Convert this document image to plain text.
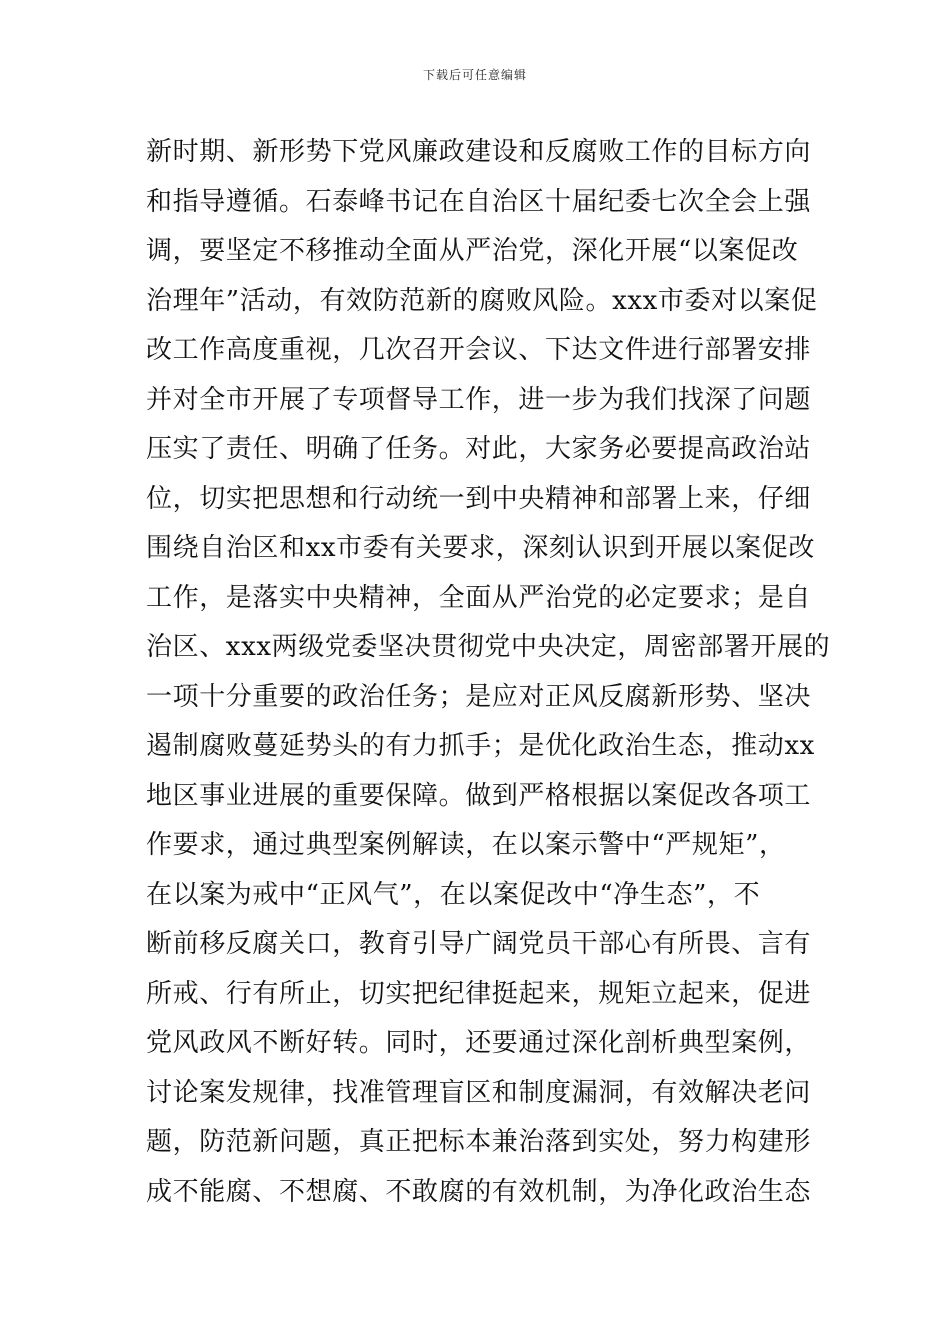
下载后可任意编辑
新时期、新形势下党风廉政建设和反腐败工作的目标方向
和指导遵循。石泰峰书记在自治区十届纪委七次全会上强
调，要坚定不移推动全面从严治党，深化开展“以案促改
治理年”活动，有效防范新的腐败风险。xxx市委对以案促
改工作高度重视，几次召开会议、下达文件进行部署安排
并对全市开展了专项督导工作，进一步为我们找深了问题
压实了责任、明确了任务。对此，大家务必要提高政治站
位，切实把思想和行动统一到中央精神和部署上来，仔细
围绕自治区和xx市委有关要求，深刻认识到开展以案促改
工作，是落实中央精神，全面从严治党的必定要求；是自
治区、xxx两级党委坚决贯彻党中央决定，周密部署开展的
一项十分重要的政治任务；是应对正风反腐新形势、坚决
遏制腐败蔓延势头的有力抓手；是优化政治生态，推动xx
地区事业进展的重要保障。做到严格根据以案促改各项工
作要求，通过典型案例解读，在以案示警中“严规矩”，
在以案为戒中“正风气”，在以案促改中“净生态”，不
断前移反腐关口，教育引导广阔党员干部心有所畏、言有
所戒、行有所止，切实把纪律挺起来，规矩立起来，促进
党风政风不断好转。同时，还要通过深化剖析典型案例，
讨论案发规律，找准管理盲区和制度漏洞，有效解决老问
题，防范新问题，真正把标本兼治落到实处，努力构建形
成不能腐、不想腐、不敢腐的有效机制，为净化政治生态
